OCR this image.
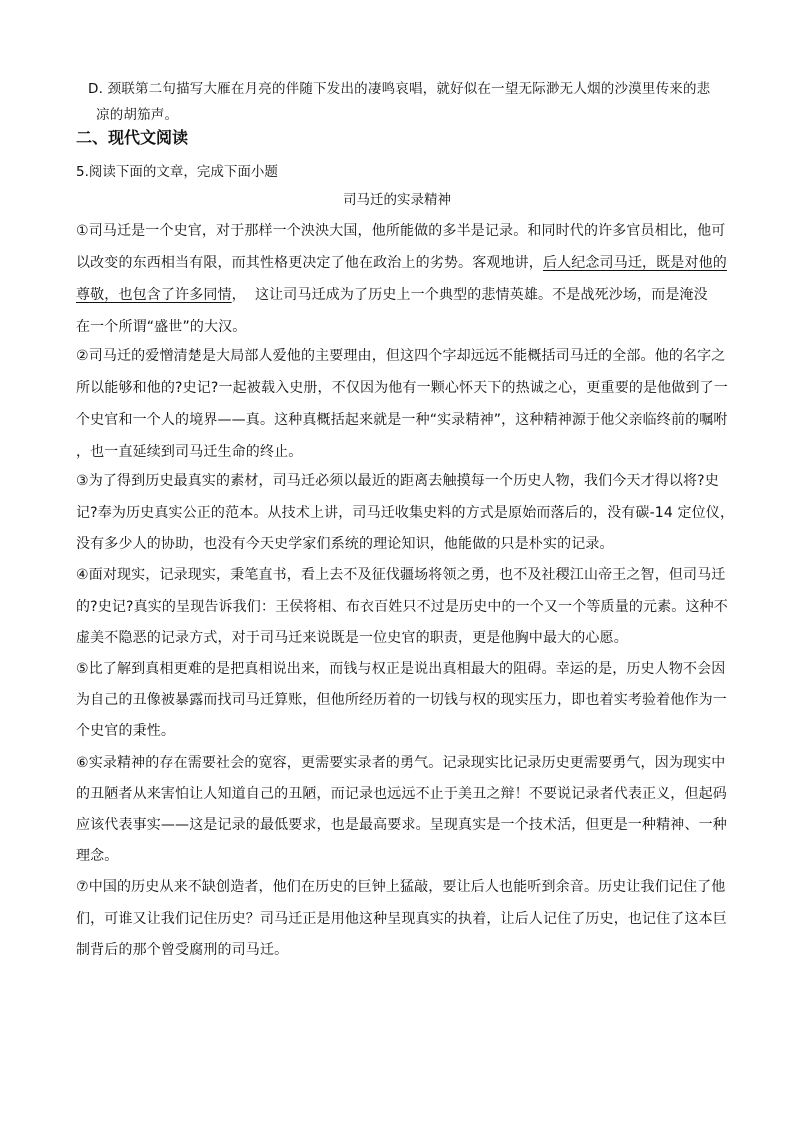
D. 颈联第二句描写大雁在月亮的伴随下发出的凄鸣哀唱，就好似在一望无际渺无人烟的沙漠里传来的悲
凉的胡笳声。
二、现代文阅读
5.阅读下面的文章，完成下面小题
司马迁的实录精神
①司马迁是一个史官，对于那样一个泱泱大国，他所能做的多半是记录。和同时代的许多官员相比，他可
以改变的东西相当有限，而其性格更决定了他在政治上的劣势。客观地讲，后人纪念司马迁，既是对他的
尊敬，也包含了许多同情，  这让司马迁成为了历史上一个典型的悲情英雄。不是战死沙场，而是淹没
在一个所谓“盛世”的大汉。
②司马迁的爱憎清楚是大局部人爱他的主要理由，但这四个字却远远不能概括司马迁的全部。他的名字之
所以能够和他的?史记?一起被载入史册，不仅因为他有一颗心怀天下的热诚之心，更重要的是他做到了一
个史官和一个人的境界——真。这种真概括起来就是一种“实录精神”，这种精神源于他父亲临终前的嘱咐
，也一直延续到司马迁生命的终止。
③为了得到历史最真实的素材，司马迁必须以最近的距离去触摸每一个历史人物，我们今天才得以将?史
记?奉为历史真实公正的范本。从技术上讲，司马迁收集史料的方式是原始而落后的，没有碳-14 定位仪，
没有多少人的协助，也没有今天史学家们系统的理论知识，他能做的只是朴实的记录。
④面对现实，记录现实，秉笔直书，看上去不及征伐疆场将领之勇，也不及社稷江山帝王之智，但司马迁
的?史记?真实的呈现告诉我们：王侯将相、布衣百姓只不过是历史中的一个又一个等质量的元素。这种不
虚美不隐恶的记录方式，对于司马迁来说既是一位史官的职责，更是他胸中最大的心愿。
⑤比了解到真相更难的是把真相说出来，而钱与权正是说出真相最大的阻碍。幸运的是，历史人物不会因
为自己的丑像被暴露而找司马迁算账，但他所经历着的一切钱与权的现实压力，即也着实考验着他作为一
个史官的秉性。
⑥实录精神的存在需要社会的宽容，更需要实录者的勇气。记录现实比记录历史更需要勇气，因为现实中
的丑陋者从来害怕让人知道自己的丑陋，而记录也远远不止于美丑之辩！不要说记录者代表正义，但起码
应该代表事实——这是记录的最低要求，也是最高要求。呈现真实是一个技术活，但更是一种精神、一种
理念。
⑦中国的历史从来不缺创造者，他们在历史的巨钟上猛敲，要让后人也能听到余音。历史让我们记住了他
们，可谁又让我们记住历史？司马迁正是用他这种呈现真实的执着，让后人记住了历史，也记住了这本巨
制背后的那个曾受腐刑的司马迁。
